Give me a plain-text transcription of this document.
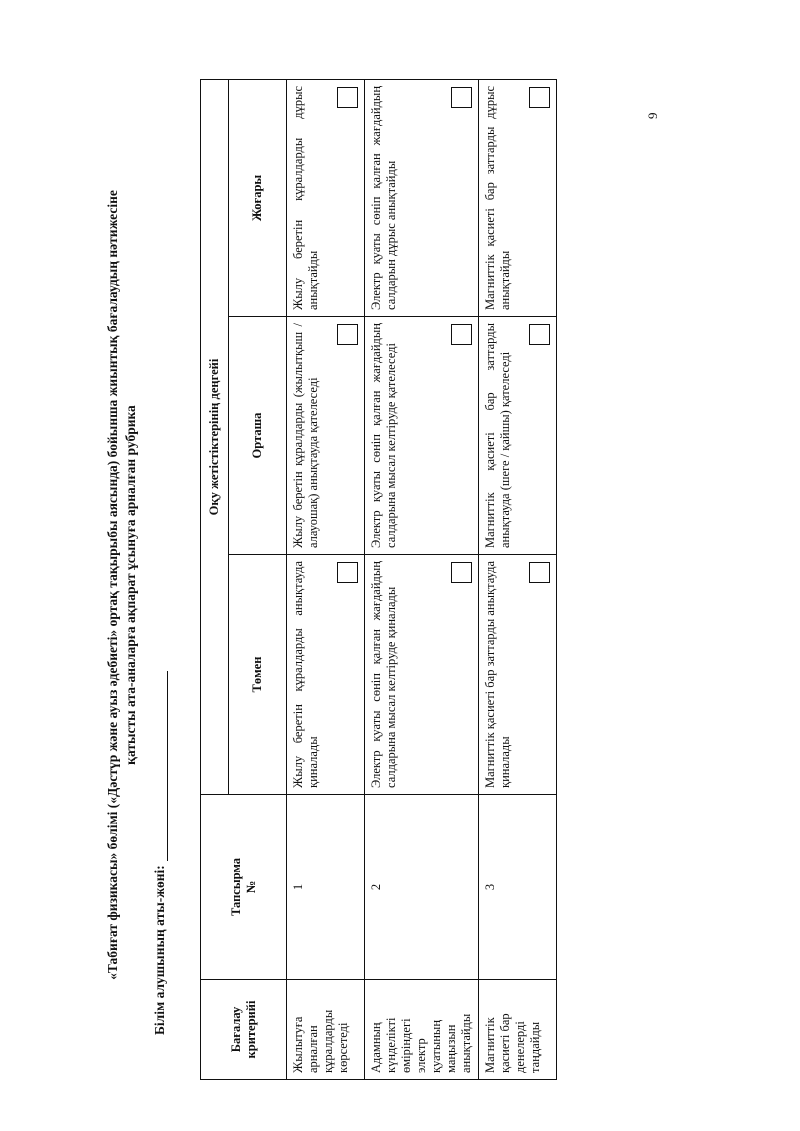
«Табиғат физикасы» бөлімі («Дәстүр және ауыз әдебиеті» ортақ тақырыбы аясында) бойынша жиынтық бағалаудың нәтижесіне қатысты ата-аналарға ақпарат ұсынуға арналған рубрика
Білім алушының аты-жөні:	Бағалау критерийі	Тапсырма
№	Оқу жетістіктерінің деңгейі		
		Төмен	Орташа	Жоғары
Жылытуға арналған құралдарды көрсетеді	1	Жылу беретін құралдарды анықтауда қиналады	Жылу беретін құралдарды (жылытқыш / алауошақ) анықтауда қателеседі	Жылу беретін құралдарды дұрыс анықтайды

Адамның күнделікті өміріндегі электр қуатының маңызын анықтайды	2	Электр қуаты сөніп қалған жағдайдың салдарына мысал келтіруде қиналады	Электр қуаты сөніп қалған жағдайдың салдарына мысал келтіруде қателеседі	Электр қуаты сөніп қалған жағдайдың салдарын дұрыс анықтайды

Магниттік қасиеті бар денелерді таңдайды	3	Магниттік қасиеті бар заттарды анықтауда қиналады	Магниттік қасиеті бар заттарды анықтауда (шеге / қайшы) қателеседі	Магниттік қасиеті бар заттарды дұрыс анықтайды
9
